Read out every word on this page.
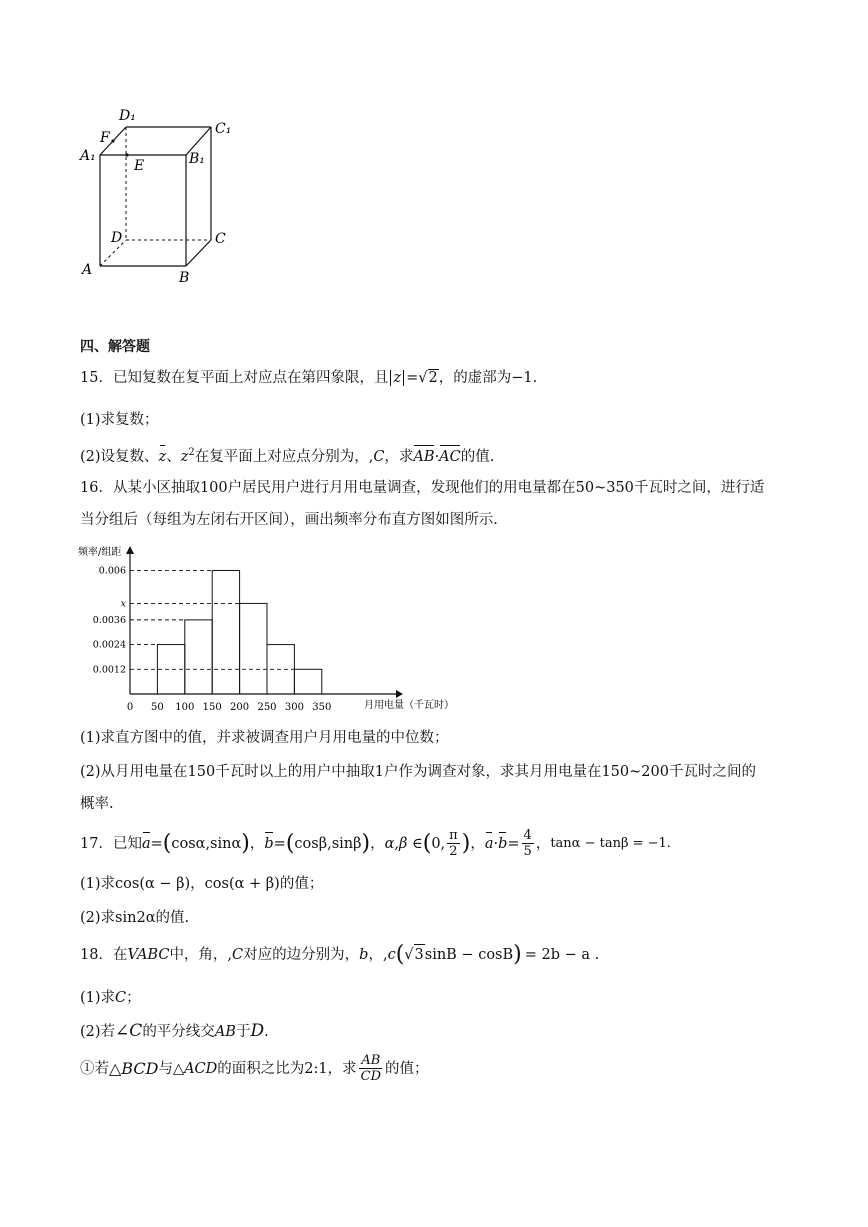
D₁
C₁
F
A₁
E	B₁
D	C
A	B
四、解答题
15．已知复数在复平面上对应点在第四象限，且 z =√2，的虚部为−1.
(1)求复数；
(2)设复数、z、$z^2$在复平面上对应点分别为，,C，求AB·AC的值.
16．从某小区抽取100户居民用户进行月用电量调查，发现他们的用电量都在50~350千瓦时之间，进行适
当分组后（每组为左闭右开区间），画出频率分布直方图如图所示.
频率/组距
月用电量（千瓦时）
0 50 100 150 200 250 300 350
0.006
x
0.0036
0.0024
0.0012
(1)求直方图中的值，并求被调查用户月用电量的中位数；
(2)从月用电量在150千瓦时以上的用户中抽取1户作为调查对象，求其月用电量在150~200千瓦时之间的
概率.
17．已知 a = ( cosα,sinα ) ， b = ( cosβ,sinβ ) ， α,β ∈ ( 0, $\frac{\pi}{2}$ ) ， $a \cdot b = \frac{4}{5}$ ， tanα − tanβ = −1.
(1)求cos(α − β)，cos(α + β)的值；
(2)求sin2α的值.
18．在 VABC 中，角，, C 对应的边分别为， b ，, c ( √ 3 sinB − cosB ) = 2b − a .
(1)求C；
(2)若∠C的平分线交AB于D.
①若 △BCD 与 △ACD 的面积之比为 2:1 ，求 $\frac{AB}{CD}$ 的值；
